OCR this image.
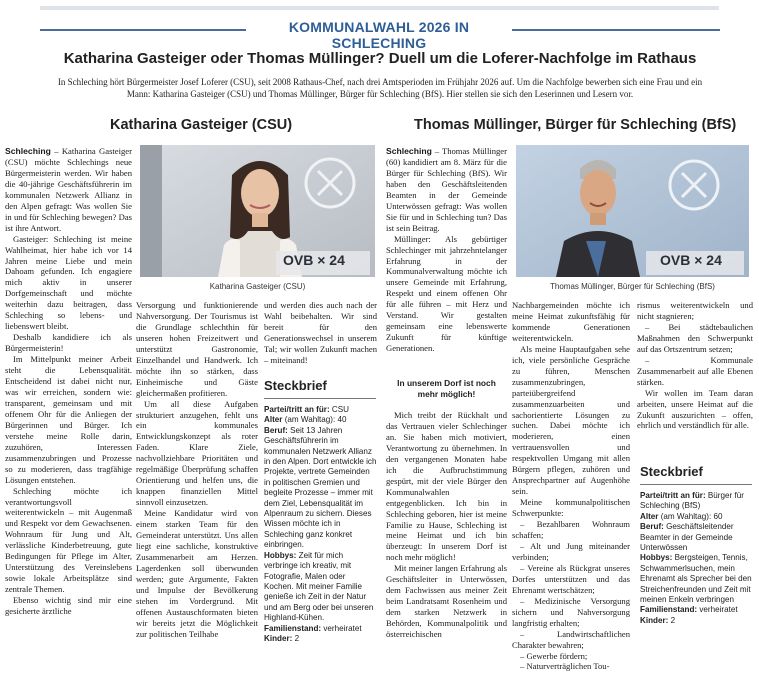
KOMMUNALWAHL 2026 IN SCHLECHING
Katharina Gasteiger oder Thomas Müllinger? Duell um die Loferer-Nachfolge im Rathaus
In Schleching hört Bürgermeister Josef Loferer (CSU), seit 2008 Rathaus-Chef, nach drei Amtsperioden im Frühjahr 2026 auf. Um die Nachfolge bewerben sich eine Frau und ein Mann: Katharina Gasteiger (CSU) und Thomas Müllinger, Bürger für Schleching (BfS). Hier stellen sie sich den Leserinnen und Lesern vor.
Katharina Gasteiger (CSU)

Schleching – Katharina Gasteiger (CSU) möchte Schlechings neue Bürgermeisterin werden. Wir haben die 40-jährige Geschäftsführerin im kommunalen Netzwerk Allianz in den Alpen gefragt: Was wollen Sie in und für Schleching bewegen? Das ist ihre Antwort.

Gasteiger: Schleching ist meine Wahlheimat, hier habe ich vor 14 Jahren meine Liebe und mein Dahoam gefunden. Ich engagiere mich aktiv in unserer Dorfgemeinschaft und möchte weiterhin dazu beitragen, dass Schleching so lebens- und liebenswert bleibt.

Deshalb kandidiere ich als Bürgermeisterin!

Im Mittelpunkt meiner Arbeit steht die Lebensqualität. Entscheidend ist dabei nicht nur, was wir erreichen, sondern wie: transparent, gemeinsam und mit offenem Ohr für die Anliegen der Bürgerinnen und Bürger. Ich verstehe meine Rolle darin, zuzuhören, Interessen zusammenzubringen und Prozesse so zu moderieren, dass tragfähige Lösungen entstehen.

Schleching möchte ich verantwortungsvoll weiterentwickeln – mit Augenmaß und Respekt vor dem Gewachsenen. Wohnraum für Jung und Alt, verlässliche Kinderbetreuung, gute Bedingungen für Pflege im Alter, Unterstützung des Vereinslebens sowie lokale Arbeitsplätze sind zentrale Themen.

Ebenso wichtig sind mir eine gesicherte ärztliche

Katharina Gasteiger (CSU)
OVB × 24

Versorgung und funktionierende Nahversorgung. Der Tourismus ist die Grundlage schlechthin für unseren hohen Freizeitwert und unterstützt Gastronomie, Einzelhandel und Handwerk. Ich möchte ihn so stärken, dass Einheimische und Gäste gleichermaßen profitieren.

Um all diese Aufgaben strukturiert anzugehen, fehlt uns ein kommunales Entwicklungskonzept als roter Faden. Klare Ziele, nachvollziehbare Prioritäten und regelmäßige Überprüfung schaffen Orientierung und helfen uns, die knappen finanziellen Mittel sinnvoll einzusetzen.

Meine Kandidatur wird von einem starken Team für den Gemeinderat unterstützt. Uns allen liegt eine sachliche, konstruktive Zusammenarbeit am Herzen. Lagerdenken soll überwunden werden; gute Argumente, Fakten und Impulse der Bevölkerung stehen im Vordergrund. Mit offenen Austauschformaten bieten wir bereits jetzt die Möglichkeit zur politischen Teilhabe

und werden dies auch nach der Wahl beibehalten. Wir sind bereit für den Generationswechsel in unserem Tal; wir wollen Zukunft machen – miteinand!

Steckbrief
Partei/tritt an für: CSU
Alter (am Wahltag): 40
Beruf: Seit 13 Jahren Geschäftsführerin im kommunalen Netzwerk Allianz in den Alpen. Dort entwickle ich Projekte, vertrete Gemeinden in politischen Gremien und begleite Prozesse – immer mit dem Ziel, Lebensqualität im Alpenraum zu sichern. Dieses Wissen möchte ich in Schleching ganz konkret einbringen.
Hobbys: Zeit für mich verbringe ich kreativ, mit Fotografie, Malen oder Kochen. Mit meiner Familie genieße ich Zeit in der Natur und am Berg oder bei unseren Highland-Kühen.
Familienstand: verheiratet
Kinder: 2
Thomas Müllinger, Bürger für Schleching (BfS)

Schleching – Thomas Müllinger (60) kandidiert am 8. März für die Bürger für Schleching (BfS). Wir haben den Geschäftsleitenden Beamten in der Gemeinde Unterwössen gefragt: Was wollen Sie für und in Schleching tun? Das ist sein Beitrag.

Müllinger: Als gebürtiger Schlechinger mit jahrzehntelanger Erfahrung in der Kommunalverwaltung möchte ich unsere Gemeinde mit Erfahrung, Respekt und einem offenen Ohr für alle führen – mit Herz und Verstand. Wir gestalten gemeinsam eine lebenswerte Zukunft für künftige Generationen.

In unserem Dorf ist noch mehr möglich!

Mich treibt der Rückhalt und das Vertrauen vieler Schlechinger an. Sie haben mich motiviert, Verantwortung zu übernehmen. In den vergangenen Monaten habe ich die Aufbruchstimmung gespürt, mit der viele Bürger den Kommunalwahlen entgegenblicken. Ich bin in Schleching geboren, hier ist meine Familie zu Hause, Schleching ist meine Heimat und ich bin überzeugt: In unserem Dorf ist noch mehr möglich!

Mit meiner langen Erfahrung als Geschäftsleiter in Unterwössen, dem Fachwissen aus meiner Zeit beim Landratsamt Rosenheim und dem starken Netzwerk in Behörden, Kommunalpolitik und österreichischen

Thomas Müllinger, Bürger für Schleching (BfS)
OVB × 24

Nachbargemeinden möchte ich meine Heimat zukunftsfähig für kommende Generationen weiterentwickeln.

Als meine Hauptaufgaben sehe ich, viele persönliche Gespräche zu führen, Menschen zusammenzubringen, parteiübergreifend zusammenzuarbeiten und sachorientierte Lösungen zu suchen. Dabei möchte ich moderieren, einen vertrauensvollen und respektvollen Umgang mit allen Bürgern pflegen, zuhören und Ansprechpartner auf Augenhöhe sein.

Meine kommunalpolitischen Schwerpunkte:

– Bezahlbaren Wohnraum schaffen;

– Alt und Jung miteinander verbinden;

– Vereine als Rückgrat unseres Dorfes unterstützen und das Ehrenamt wertschätzen;

– Medizinische Versorgung sichern und Nahversorgung langfristig erhalten;

– Landwirtschaftlichen Charakter bewahren;

– Gewerbe fördern;

– Naturverträglichen Tou-

rismus weiterentwickeln und nicht stagnieren;

– Bei städtebaulichen Maßnahmen den Schwerpunkt auf das Ortszentrum setzen;

– Kommunale Zusammenarbeit auf alle Ebenen stärken.

Wir wollen im Team daran arbeiten, unsere Heimat auf die Zukunft auszurichten – offen, ehrlich und verständlich für alle.

Steckbrief
Partei/tritt an für: Bürger für Schleching (BfS)
Alter (am Wahltag): 60
Beruf: Geschäftsleitender Beamter in der Gemeinde Unterwössen
Hobbys: Bergsteigen, Tennis, Schwammerlsuchen, mein Ehrenamt als Sprecher bei den Streichenfreunden und Zeit mit meinen Enkeln verbringen
Familienstand: verheiratet
Kinder: 2
